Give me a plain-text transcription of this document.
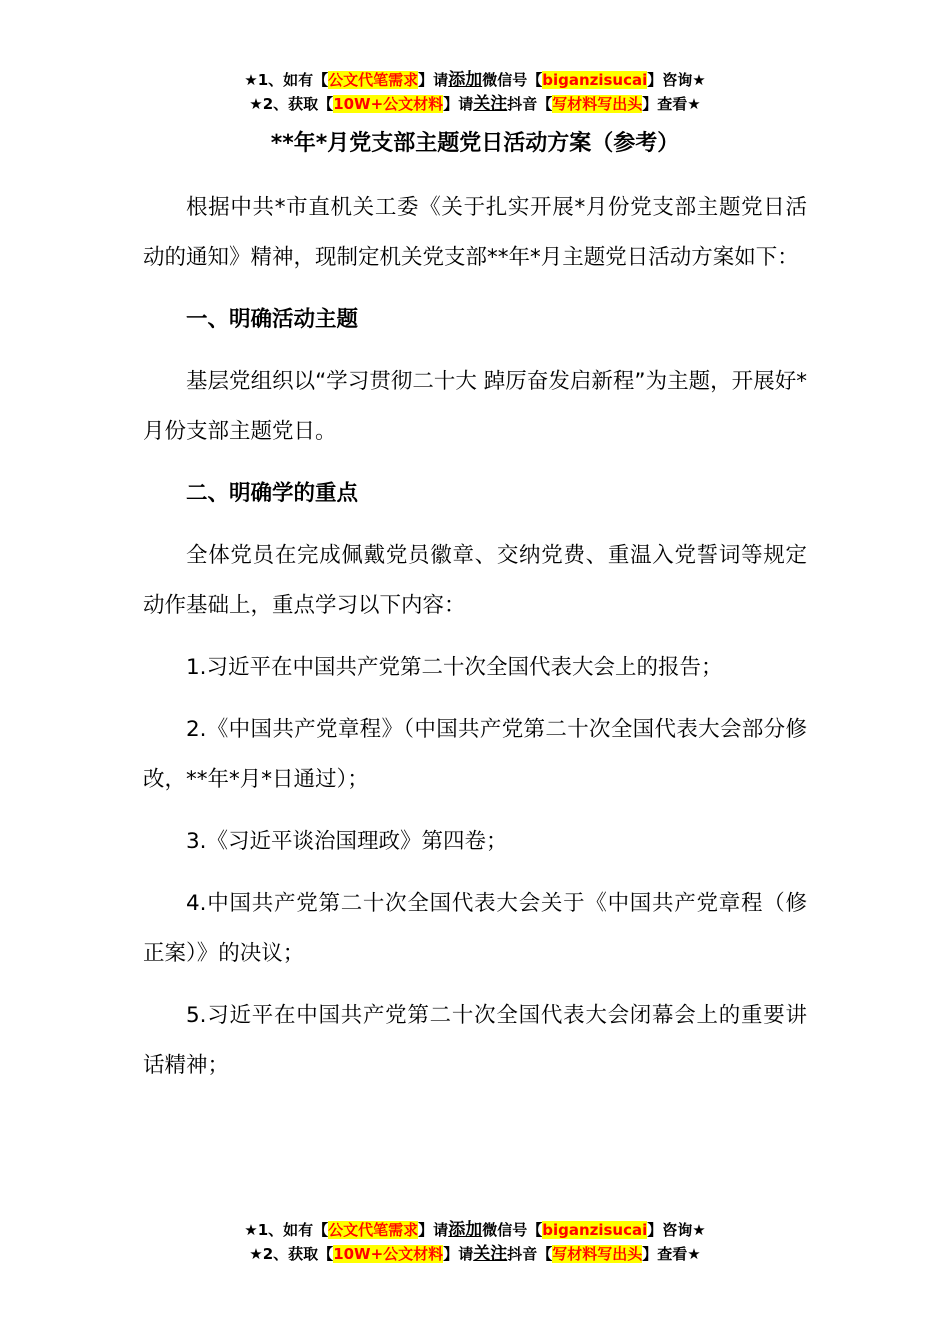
★1、如有【公文代笔需求】请添加微信号【biganzisucai】咨询★
★2、获取【10W+公文材料】请关注抖音【写材料写出头】查看★
**年*月党支部主题党日活动方案（参考）

根据中共*市直机关工委《关于扎实开展*月份党支部主题党日活动的通知》精神，现制定机关党支部**年*月主题党日活动方案如下：

一、明确活动主题

基层党组织以“学习贯彻二十大 踔厉奋发启新程”为主题，开展好*月份支部主题党日。

二、明确学的重点

全体党员在完成佩戴党员徽章、交纳党费、重温入党誓词等规定动作基础上，重点学习以下内容：

1.习近平在中国共产党第二十次全国代表大会上的报告；

2.《中国共产党章程》（中国共产党第二十次全国代表大会部分修改，**年*月*日通过）；

3.《习近平谈治国理政》第四卷；

4.中国共产党第二十次全国代表大会关于《中国共产党章程（修正案）》的决议；

5.习近平在中国共产党第二十次全国代表大会闭幕会上的重要讲话精神；

★1、如有【公文代笔需求】请添加微信号【biganzisucai】咨询★
★2、获取【10W+公文材料】请关注抖音【写材料写出头】查看★
